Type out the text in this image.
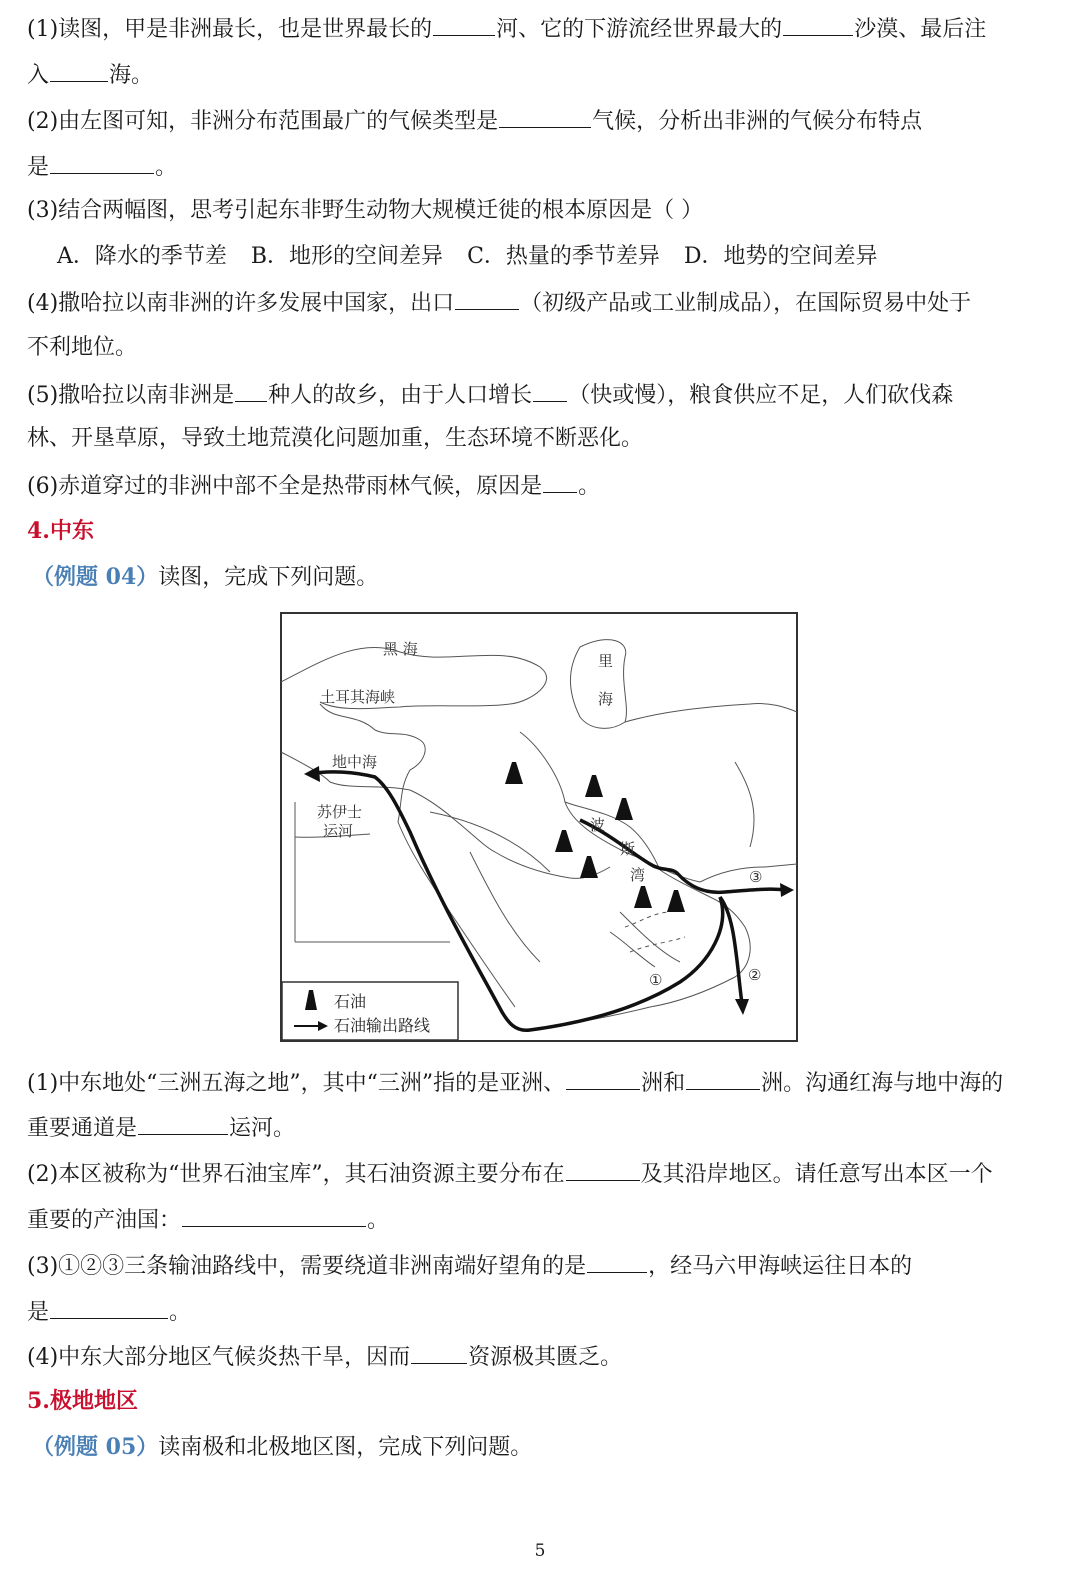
(1)读图，甲是非洲最长，也是世界最长的	河、它的下游流经世界最大的	沙漠、最后注
入	海。
(2)由左图可知，非洲分布范围最广的气候类型是	气候，分析出非洲的气候分布特点
是	。
(3)结合两幅图，思考引起东非野生动物大规模迁徙的根本原因是（ ）
A．降水的季节差 B．地形的空间差异 C．热量的季节差异 D．地势的空间差异
(4)撒哈拉以南非洲的许多发展中国家，出口	（初级产品或工业制成品），在国际贸易中处于
不利地位。
(5)撒哈拉以南非洲是 种人的故乡，由于人口增长 （快或慢），粮食供应不足，人们砍伐森
林、开垦草原，导致土地荒漠化问题加重，生态环境不断恶化。
(6)赤道穿过的非洲中部不全是热带雨林气候，原因是 。
4.中东
（例题 04）读图，完成下列问题。
黑 海
里
海
土耳其海峡
地中海
苏伊士
运河	波
斯
湾
①	②
③
石油
石油输出路线
(1)中东地处“三洲五海之地”，其中“三洲”指的是亚洲、	洲和	洲。沟通红海与地中海的
重要通道是	运河。
(2)本区被称为“世界石油宝库”，其石油资源主要分布在	及其沿岸地区。请任意写出本区一个
重要的产油国：	。
(3)①②③三条输油路线中，需要绕道非洲南端好望角的是	，经马六甲海峡运往日本的
是	。
(4)中东大部分地区气候炎热干旱，因而	资源极其匮乏。
5.极地地区
（例题 05）读南极和北极地区图，完成下列问题。
5
